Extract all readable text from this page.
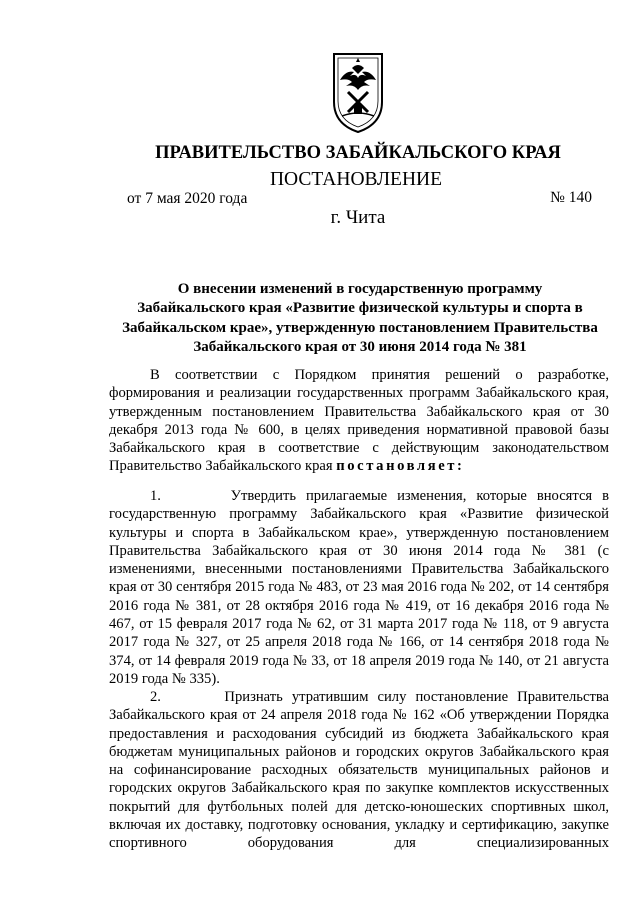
ПРАВИТЕЛЬСТВО ЗАБАЙКАЛЬСКОГО КРАЯ
ПОСТАНОВЛЕНИЕ
от 7 мая 2020 года	№ 140
г. Чита
О внесении изменений в государственную программу
Забайкальского края «Развитие физической культуры и спорта в
Забайкальском крае», утвержденную постановлением Правительства
Забайкальского края от 30 июня 2014 года № 381

В соответствии с Порядком принятия решений о разработке, формирования и реализации государственных программ Забайкальского края, утвержденным постановлением Правительства Забайкальского края от 30 декабря 2013 года № 600, в целях приведения нормативной правовой базы Забайкальского края в соответствие с действующим законодательством Правительство Забайкальского края постановляет:

1.	Утвердить прилагаемые изменения, которые вносятся в государственную программу Забайкальского края «Развитие физической культуры и спорта в Забайкальском крае», утвержденную постановлением Правительства Забайкальского края от 30 июня 2014 года № 381 (с изменениями, внесенными постановлениями Правительства Забайкальского края от 30 сентября 2015 года № 483, от 23 мая 2016 года № 202, от 14 сентября 2016 года № 381, от 28 октября 2016 года № 419, от 16 декабря 2016 года № 467, от 15 февраля 2017 года № 62, от 31 марта 2017 года № 118, от 9 августа 2017 года № 327, от 25 апреля 2018 года № 166, от 14 сентября 2018 года № 374, от 14 февраля 2019 года № 33, от 18 апреля 2019 года № 140, от 21 августа 2019 года № 335).

2.	Признать утратившим силу постановление Правительства Забайкальского края от 24 апреля 2018 года № 162 «Об утверждении Порядка предоставления и расходования субсидий из бюджета Забайкальского края бюджетам муниципальных районов и городских округов Забайкальского края на софинансирование расходных обязательств муниципальных районов и городских округов Забайкальского края по закупке комплектов искусственных покрытий для футбольных полей для детско-юношеских спортивных школ, включая их доставку, подготовку основания, укладку и сертификацию, закупке спортивного оборудования для специализированных
